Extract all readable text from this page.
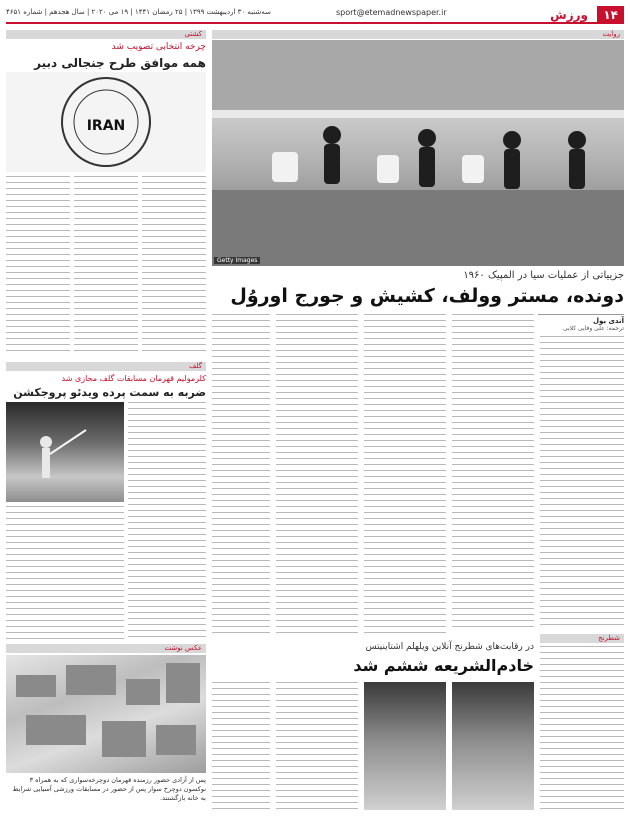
۱۴
ورزش
sport@etemadnewspaper.ir
سه‌شنبه ۳۰ اردیبهشت ۱۳۹۹ | ۲۵ رمضان ۱۴۴۱ | ۱۹ می ۲۰۲۰ | سال هجدهم | شماره ۴۶۵۱
روایت
Getty Images
جزییاتی از عملیات سیا در المپیک ۱۹۶۰
دونده، مستر وولف، کشیش و جورج اوروُل
آندی بول
ترجمه: علی وفایی کلایی
شطرنج
در رقابت‌های شطرنج آنلاین ویلهلم اشتاینیتس
خادم‌الشریعه ششم شد
کشتی
چرخه انتخابی تصویب شد
همه موافق طرح جنجالی دبیر
IRAN
گلف
کلرمولیم قهرمان مسابقات گلف مجازی شد
ضربه به سمت پرده ویدئو پروجکشن
عکس نوشت
پس از آزادی حضور رزمنده قهرمان دوچرخه‌سواری که به همراه ۳ نوکسون دوچرخ سوار پس از حضور در مسابقات ورزشی آسیایی شرایط به خانه بازگشتند.
